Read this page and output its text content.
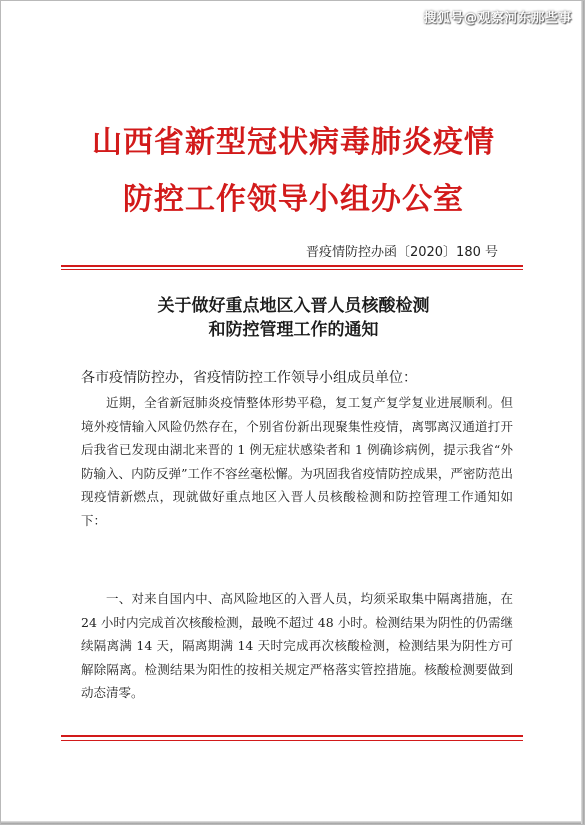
搜狐号@观察河东那些事
山西省新型冠状病毒肺炎疫情
防控工作领导小组办公室
晋疫情防控办函〔2020〕180 号
关于做好重点地区入晋人员核酸检测
和防控管理工作的通知
各市疫情防控办，省疫情防控工作领导小组成员单位：

近期，全省新冠肺炎疫情整体形势平稳，复工复产复学复业进展顺利。但境外疫情输入风险仍然存在，个别省份新出现聚集性疫情，离鄂离汉通道打开后我省已发现由湖北来晋的 1 例无症状感染者和 1 例确诊病例，提示我省“外防输入、内防反弹”工作不容丝毫松懈。为巩固我省疫情防控成果，严密防范出现疫情新燃点，现就做好重点地区入晋人员核酸检测和防控管理工作通知如下：

一、对来自国内中、高风险地区的入晋人员，均须采取集中隔离措施，在 24 小时内完成首次核酸检测，最晚不超过 48 小时。检测结果为阴性的仍需继续隔离满 14 天，隔离期满 14 天时完成再次核酸检测，检测结果为阴性方可解除隔离。检测结果为阳性的按相关规定严格落实管控措施。核酸检测要做到动态清零。
